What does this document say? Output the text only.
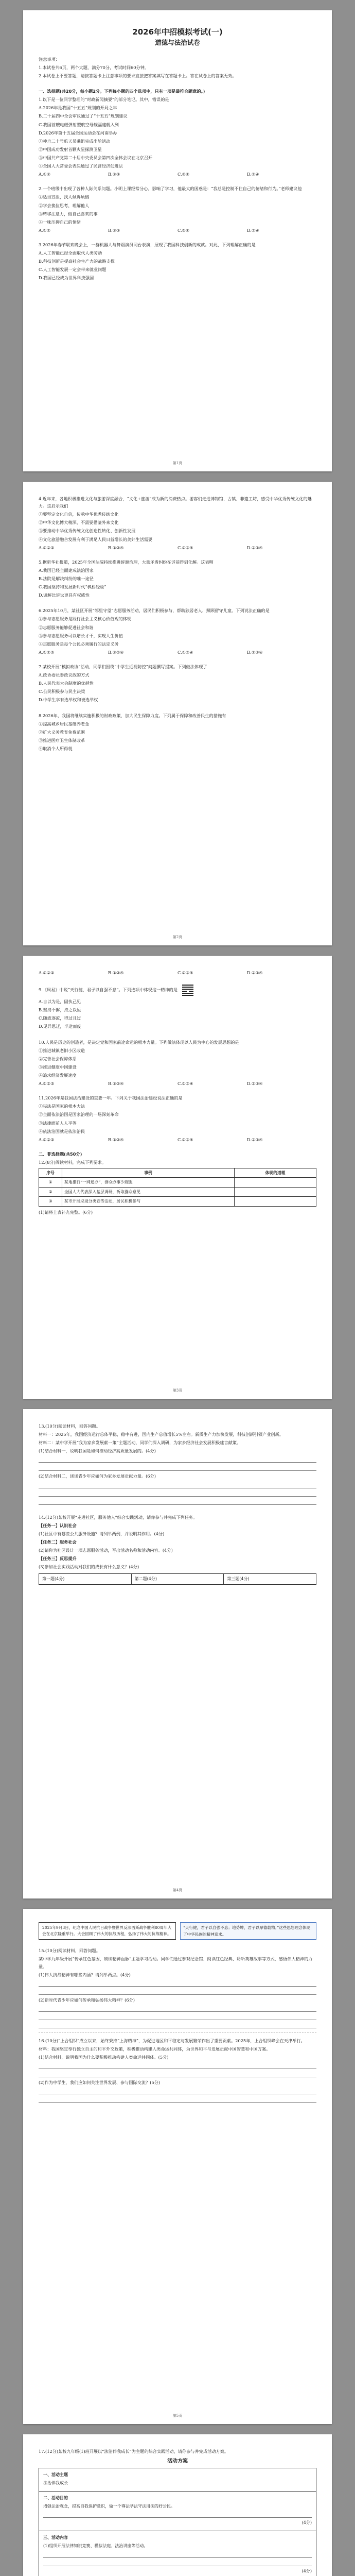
2026年中招模拟考试(一)
道德与法治试卷

注意事项：

1.本试卷共6页，两个大题，满分70分，考试时间60分钟。

2.本试卷上不要答题，请按答题卡上注意事项的要求直接把答案填写在答题卡上。答在试卷上的答案无效。

一、选择题(共20分，每小题2分。下列每小题的四个选项中，只有一项是最符合题意的。)

1.以下是一位同学整理的“时政新闻摘要”的部分笔记。其中，错误的是

A.2026年是我国“十五五”规划的开局之年

B.二十届四中全会审议通过了“十五五”规划建议

C.我国首艘电磁弹射型航空母舰福建舰入列

D.2026年第十五届全国运动会在河南举办

①神舟二十号航天员乘组完成出舱活动

②中国成功发射首颗火星探测卫星

③中国共产党第二十届中央委员会第四次全体会议在北京召开

④全国人大常委会表决通过了民营经济促进法

A.①②	B.①③	C.②④	D.③④

2.一个班级中出现了各种人际关系问题。小明上课经常分心，影响了学习，他最大的困惑是：“我总是控制不住自己的情绪和行为。”老师建议他

①适当宣泄，找人倾诉烦恼

②学会换位思考，理解他人

③转移注意力，做自己喜欢的事

④一味压抑自己的情绪

A.①②	B.①③	C.②④	D.③④

3.2026年春节联欢晚会上，一群机器人与舞蹈演员同台表演，展现了我国科技创新的成就。对此，下列理解正确的是

A.人工智能已经全面取代人类劳动

B.科技创新是提高社会生产力的战略支撑

C.人工智能发展一定会带来就业问题

D.我国已经成为世界科技强国

第1页

4.近年来，各地积极推进文化与旅游深度融合，“文化+旅游”成为新的消费热点。游客们走进博物馆、古镇、非遗工坊，感受中华优秀传统文化的魅力。这启示我们

①要坚定文化自信，传承中华优秀传统文化

②中华文化博大精深，不需要借鉴外来文化

③要推动中华优秀传统文化创造性转化、创新性发展

④文化旅游融合发展有利于满足人民日益增长的美好生活需要

A.①②③	B.①②④	C.①③④	D.②③④

5.据新华社报道，2025年全国法院持续推进诉源治理，大量矛盾纠纷在诉前得到化解。这表明

A.我国已经全面建成法治国家

B.法院是解决纠纷的唯一途径

C.我国坚持和发展新时代“枫桥经验”

D.调解比诉讼更具有权威性

6.2025年10月，某社区开展“邻里守望”志愿服务活动，居民们积极参与，帮助独居老人、照顾留守儿童。下列说法正确的是

①参与志愿服务是践行社会主义核心价值观的体现

②志愿服务能够促进社会和谐

③参与志愿服务可以增长才干，实现人生价值

④志愿服务是每个公民必须履行的法定义务

A.①②③	B.①②④	C.①③④	D.②③④

7.某校开展“模拟政协”活动，同学们围绕“中学生近视防控”问题撰写提案。下列做法体现了

A.政协委员参政议政的方式

B.人民代表大会制度的优越性

C.公民积极参与民主决策

D.中学生享有选举权和被选举权

8.2026年，我国将继续实施积极的财政政策，加大民生保障力度。下列属于保障和改善民生的措施有

①提高城乡居民基础养老金

②扩大义务教育免费范围

③推进医疗卫生体制改革

④取消个人所得税

第2页
A.①②③	B.①②④	C.①③④	D.②③④

9.《周易》中说“天行健，君子以自强不息”。下列选项中体现这一精神的是

A.自以为是，固执己见

B.坚持不懈，持之以恒

C.随波逐流，得过且过

D.见异思迁，半途而废

10.人民是历史的创造者，是决定党和国家前途命运的根本力量。下列做法体现以人民为中心的发展思想的是

①推进城镇老旧小区改造

②完善社会保障体系

③推进健康中国建设

④追求经济发展速度

A.①②③	B.①②④	C.①③④	D.②③④

11.2026年是我国法治建设的重要一年。下列关于我国法治建设说法正确的是

①宪法是国家的根本大法

②全面依法治国是国家治理的一场深刻革命

③法律面前人人平等

④依法治国就是依法治民

A.①②③	B.①②④	C.①③④	D.②③④

二、非选择题(共50分)

12.(8分)阅读材料，完成下列要求。

序号	事例	体现的道理
①	某地推行“一网通办”，群众办事少跑腿	
②	全国人大代表深入基层调研，听取群众意见	
③	某市开展垃圾分类宣传活动，居民积极参与	

(1)请将上表补充完整。(6分)

第3页

13.(10分)阅读材料，回答问题。

材料一：2025年，我国经济运行总体平稳，稳中有进，国内生产总值增长5%左右。新质生产力加快发展，科技创新引领产业创新。

材料二：某中学开展“我为家乡发展献一策”主题活动，同学们深入调研，为家乡经济社会发展积极建言献策。

(1)结合材料一，说明我国是如何推动经济高质量发展的。(4分)

(2)结合材料二，谈谈青少年应如何为家乡发展贡献力量。(6分)

14.(12分)某校开展“走进社区，服务他人”综合实践活动，请你参与并完成下列任务。

【任务一】认识社会

(1)社区中有哪些公共服务设施？请列举两例，并说明其作用。(4分)

【任务二】服务社会

(2)请你为社区设计一项志愿服务活动，写出活动名称和活动内容。(4分)

【任务三】反思提升

(3)参加社会实践活动对我们的成长有什么意义？(4分)

第一题(4分)	第二题(4分)	第三题(4分)
第4页
2025年9月3日，纪念中国人民抗日战争暨世界反法西斯战争胜利80周年大会在北京隆重举行。大会回顾了伟大的抗战历程，弘扬了伟大的抗战精神。
“天行健，君子以自强不息；地势坤，君子以厚德载物。”这些思想理念体现了中华民族的精神追求。

15.(10分)阅读材料，回答问题。

某中学九年级开展“传承红色基因，赓续精神血脉”主题学习活动。同学们通过参观纪念馆、阅读红色经典、聆听英雄故事等方式，感悟伟大精神的力量。

(1)伟大抗战精神有哪些内涵？请列举两点。(4分)

(2)新时代青少年应如何传承和弘扬伟大精神？(6分)

16.(10分)“上合组织”成立以来，始终秉持“上海精神”，为促进地区和平稳定与发展繁荣作出了重要贡献。2025年，上合组织峰会在天津举行。

材料：我国坚定奉行独立自主的和平外交政策，积极推动构建人类命运共同体，为世界和平与发展贡献中国智慧和中国方案。

(1)结合材料，说明我国为什么要积极推动构建人类命运共同体。(5分)

(2)作为中学生，我们应如何关注世界发展、参与国际交流？(5分)

第5页

17.(12分)某校九年级(1)班开展以“法治伴我成长”为主题的综合实践活动，请你参与并完成活动方案。

活动方案

一、活动主题

法治伴我成长

二、活动目的

增强法治观念，提高自我保护意识，做一个尊法学法守法用法的好公民。

(4分)

三、活动内容

(1)组织开展法律知识竞赛、模拟法庭、法治讲座等活动。

(4分)
